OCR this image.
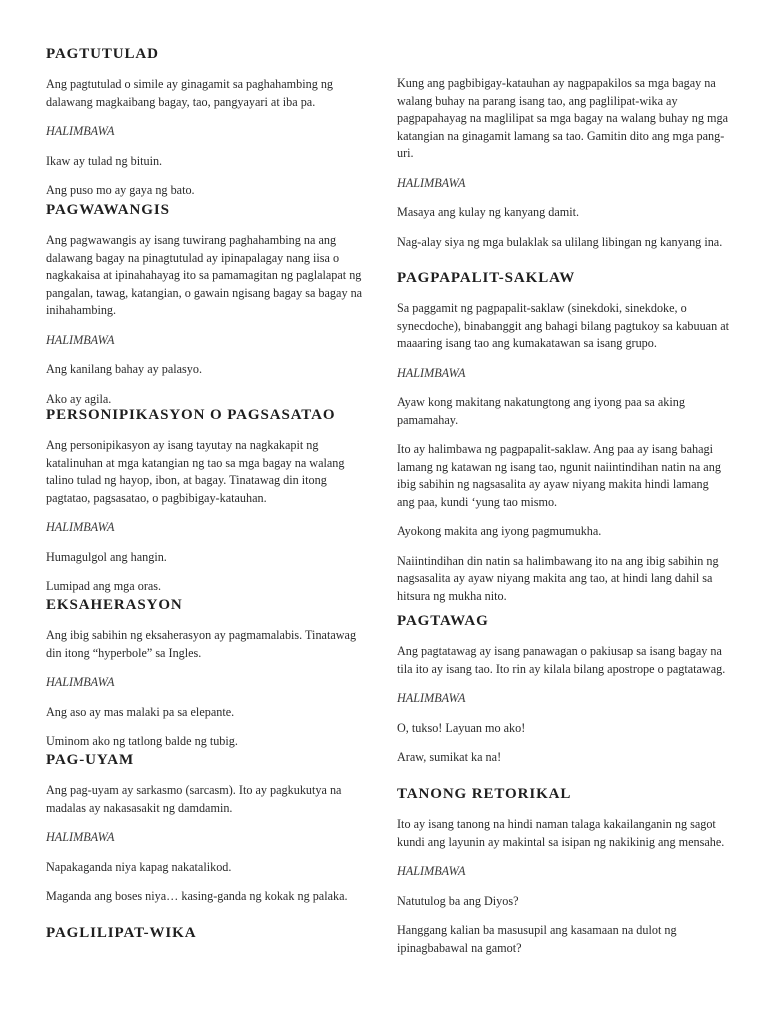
PAGTUTULAD

Ang pagtutulad o simile ay ginagamit sa paghahambing ng dalawang magkaibang bagay, tao, pangyayari at iba pa.

HALIMBAWA

Ikaw ay tulad ng bituin.

Ang puso mo ay gaya ng bato.

PAGWAWANGIS

Ang pagwawangis ay isang tuwirang paghahambing na ang dalawang bagay na pinagtutulad ay ipinapalagay nang iisa o nagkakaisa at ipinahahayag ito sa pamamagitan ng paglalapat ng pangalan, tawag, katangian, o gawain ngisang bagay sa bagay na inihahambing.

HALIMBAWA

Ang kanilang bahay ay palasyo.

Ako ay agila.

PERSONIPIKASYON O PAGSASATAO

Ang personipikasyon ay isang tayutay na nagkakapit ng katalinuhan at mga katangian ng tao sa mga bagay na walang talino tulad ng hayop, ibon, at bagay. Tinatawag din itong pagtatao, pagsasatao, o pagbibigay-katauhan.

HALIMBAWA

Humagulgol ang hangin.

Lumipad ang mga oras.

EKSAHERASYON

Ang ibig sabihin ng eksaherasyon ay pagmamalabis. Tinatawag din itong “hyperbole” sa Ingles.

HALIMBAWA

Ang aso ay mas malaki pa sa elepante.

Uminom ako ng tatlong balde ng tubig.

PAG-UYAM

Ang pag-uyam ay sarkasmo (sarcasm). Ito ay pagkukutya na madalas ay nakasasakit ng damdamin.

HALIMBAWA

Napakaganda niya kapag nakatalikod.

Maganda ang boses niya… kasing-ganda ng kokak ng palaka.

PAGLILIPAT-WIKA

Kung ang pagbibigay-katauhan ay nagpapakilos sa mga bagay na walang buhay na parang isang tao, ang paglilipat-wika ay pagpapahayag na maglilipat sa mga bagay na walang buhay ng mga katangian na ginagamit lamang sa tao. Gamitin dito ang mga pang-uri.

HALIMBAWA

Masaya ang kulay ng kanyang damit.

Nag-alay siya ng mga bulaklak sa ulilang libingan ng kanyang ina.

PAGPAPALIT-SAKLAW

Sa paggamit ng pagpapalit-saklaw (sinekdoki, sinekdoke, o synecdoche), binabanggit ang bahagi bilang pagtukoy sa kabuuan at maaaring isang tao ang kumakatawan sa isang grupo.

HALIMBAWA

Ayaw kong makitang nakatungtong ang iyong paa sa aking pamamahay.

Ito ay halimbawa ng pagpapalit-saklaw. Ang paa ay isang bahagi lamang ng katawan ng isang tao, ngunit naiintindihan natin na ang ibig sabihin ng nagsasalita ay ayaw niyang makita hindi lamang ang paa, kundi ‘yung tao mismo.

Ayokong makita ang iyong pagmumukha.

Naiintindihan din natin sa halimbawang ito na ang ibig sabihin ng nagsasalita ay ayaw niyang makita ang tao, at hindi lang dahil sa hitsura ng mukha nito.

PAGTAWAG

Ang pagtatawag ay isang panawagan o pakiusap sa isang bagay na tila ito ay isang tao. Ito rin ay kilala bilang apostrope o pagtatawag.

HALIMBAWA

O, tukso! Layuan mo ako!

Araw, sumikat ka na!

TANONG RETORIKAL

Ito ay isang tanong na hindi naman talaga kakailanganin ng sagot kundi ang layunin ay makintal sa isipan ng nakikinig ang mensahe.

HALIMBAWA

Natutulog ba ang Diyos?

Hanggang kalian ba masusupil ang kasamaan na dulot ng ipinagbabawal na gamot?
